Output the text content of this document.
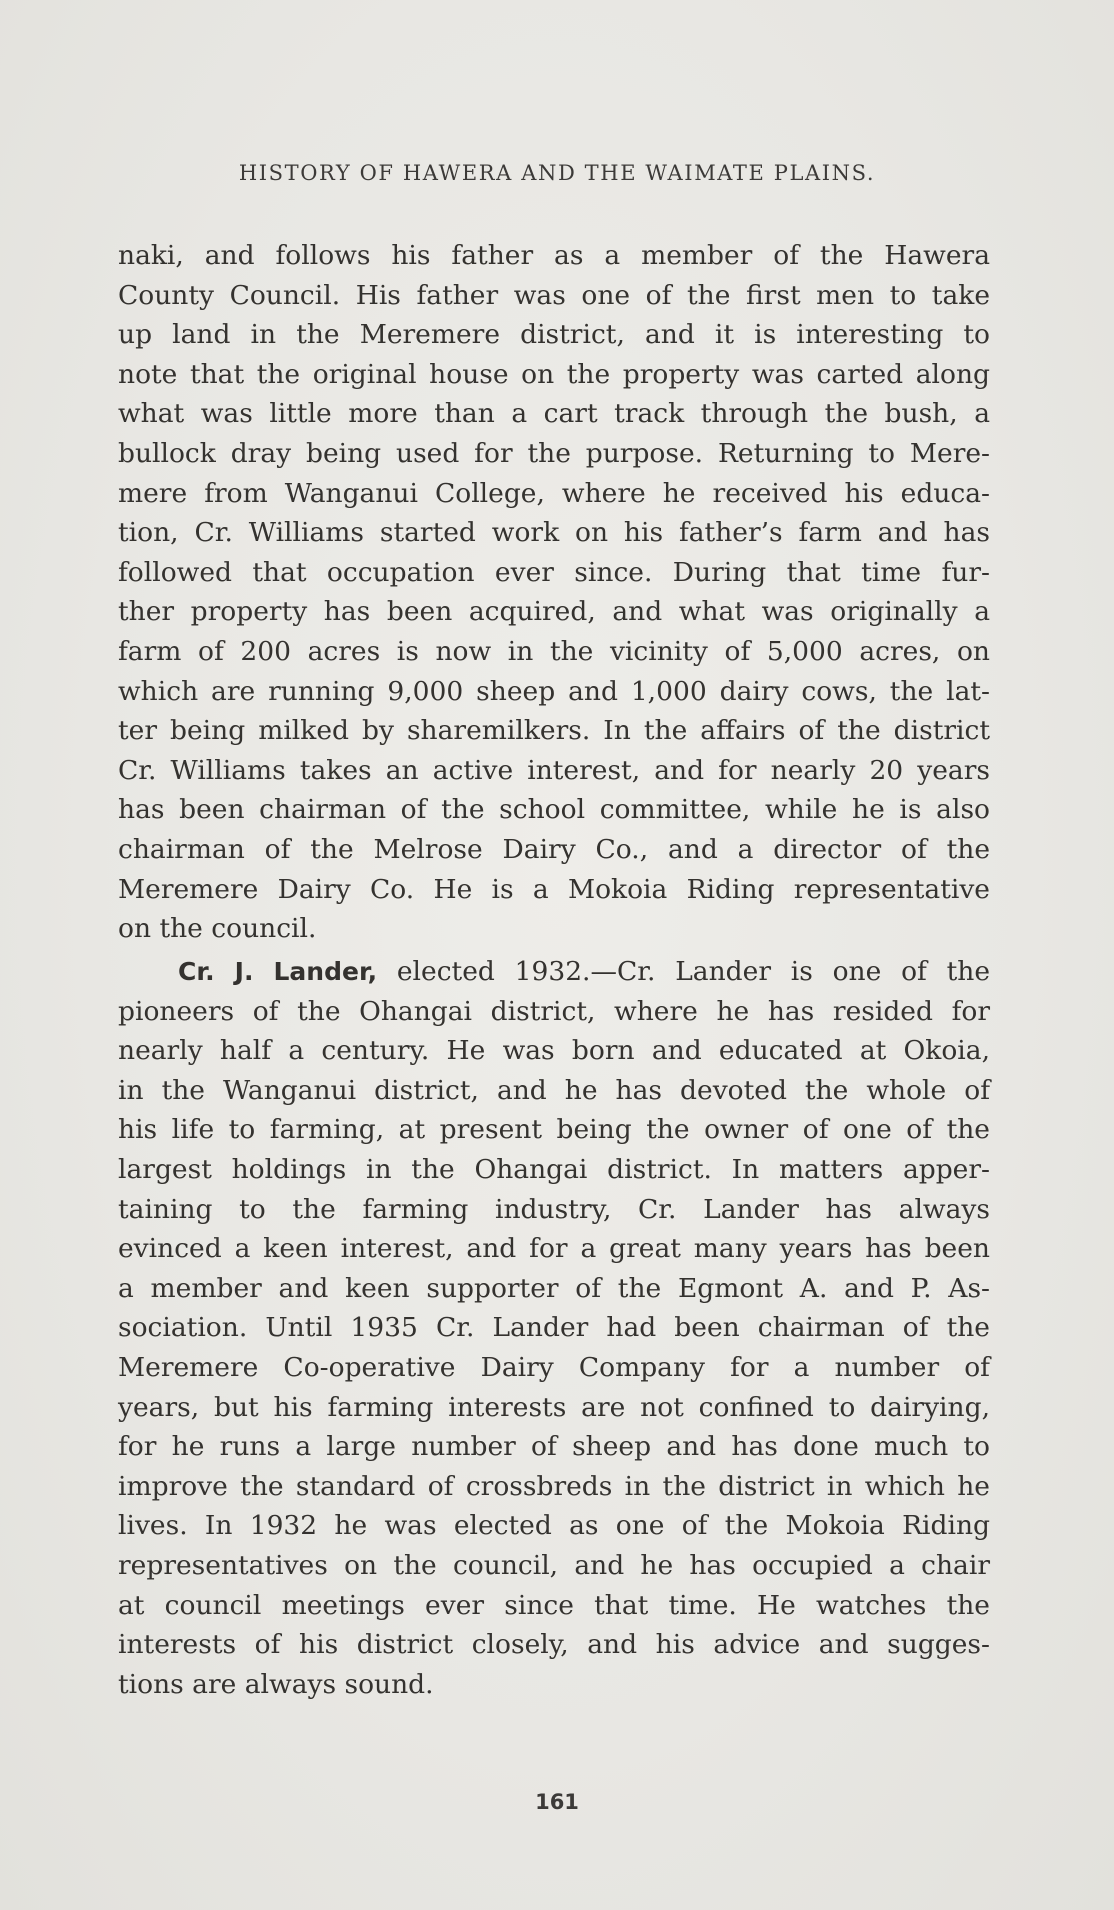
HISTORY OF HAWERA AND THE WAIMATE PLAINS.
naki, and follows his father as a member of the Hawera
County Council. His father was one of the first men to take
up land in the Meremere district, and it is interesting to
note that the original house on the property was carted along
what was little more than a cart track through the bush, a
bullock dray being used for the purpose. Returning to Mere-
mere from Wanganui College, where he received his educa-
tion, Cr. Williams started work on his father’s farm and has
followed that occupation ever since. During that time fur-
ther property has been acquired, and what was originally a
farm of 200 acres is now in the vicinity of 5,000 acres, on
which are running 9,000 sheep and 1,000 dairy cows, the lat-
ter being milked by sharemilkers. In the affairs of the district
Cr. Williams takes an active interest, and for nearly 20 years
has been chairman of the school committee, while he is also
chairman of the Melrose Dairy Co., and a director of the
Meremere Dairy Co. He is a Mokoia Riding representative
on the council.
Cr. J. Lander, elected 1932.—Cr. Lander is one of the
pioneers of the Ohangai district, where he has resided for
nearly half a century. He was born and educated at Okoia,
in the Wanganui district, and he has devoted the whole of
his life to farming, at present being the owner of one of the
largest holdings in the Ohangai district. In matters apper-
taining to the farming industry, Cr. Lander has always
evinced a keen interest, and for a great many years has been
a member and keen supporter of the Egmont A. and P. As-
sociation. Until 1935 Cr. Lander had been chairman of the
Meremere Co-operative Dairy Company for a number of
years, but his farming interests are not confined to dairying,
for he runs a large number of sheep and has done much to
improve the standard of crossbreds in the district in which he
lives. In 1932 he was elected as one of the Mokoia Riding
representatives on the council, and he has occupied a chair
at council meetings ever since that time. He watches the
interests of his district closely, and his advice and sugges-
tions are always sound.
161
